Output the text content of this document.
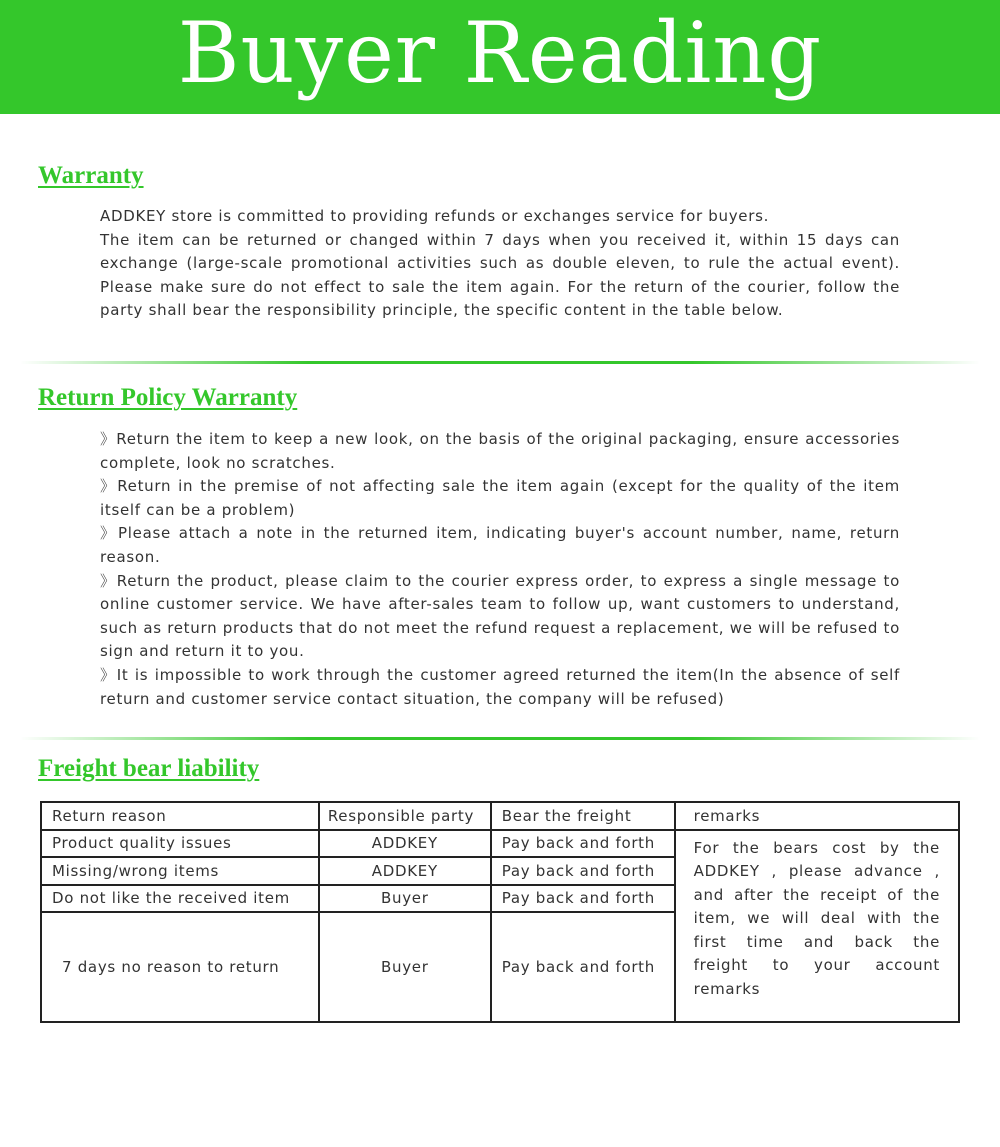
Buyer Reading
Warranty

ADDKEY store is committed to providing refunds or exchanges service for buyers.

The item can be returned or changed within 7 days when you received it, within 15 days can exchange (large-scale promotional activities such as double eleven, to rule the actual event). Please make sure do not effect to sale the item again. For the return of the courier, follow the party shall bear the responsibility principle, the specific content in the table below.

Return Policy Warranty

》Return the item to keep a new look, on the basis of the original packaging, ensure accessories complete, look no scratches.

》Return in the premise of not affecting sale the item again (except for the quality of the item itself can be a problem)

》Please attach a note in the returned item, indicating buyer's account number, name, return reason.

》Return the product, please claim to the courier express order, to express a single message to online customer service. We have after-sales team to follow up, want customers to understand, such as return products that do not meet the refund request a replacement, we will be refused to sign and return it to you.

》It is impossible to work through the customer agreed returned the item(In the absence of self return and customer service contact situation, the company will be refused)

Freight bear liability
Return reason	Responsible party	Bear the freight	remarks
Product quality issues	ADDKEY	Pay back and forth	For the bears cost by the ADDKEY , please advance , and after the receipt of the item, we will deal with the first time and back the freight to your account remarks
Missing/wrong items	ADDKEY	Pay back and forth	
Do not like the received item	Buyer	Pay back and forth	
7 days no reason to return	Buyer	Pay back and forth	
